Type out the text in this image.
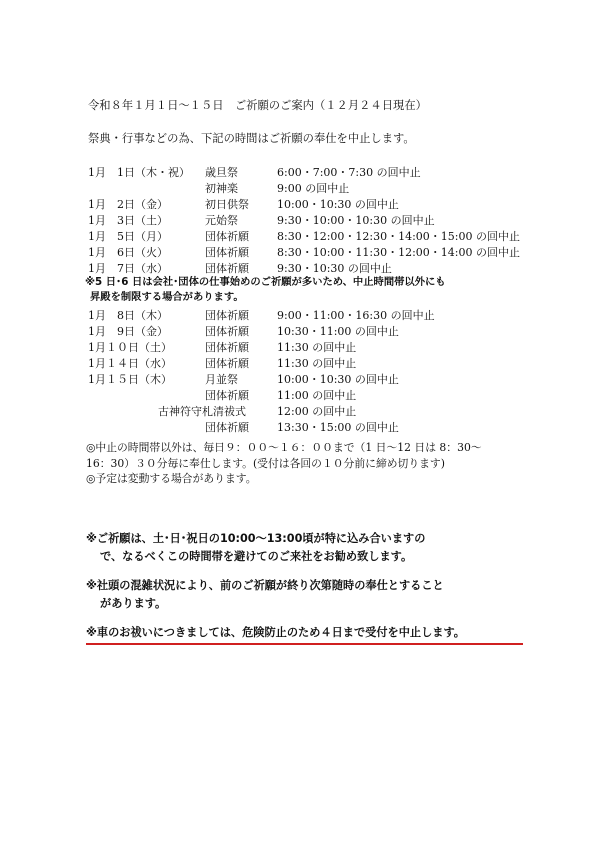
令和８年１月１日～１５日　ご祈願のご案内（１２月２４日現在）
祭典・行事などの為、下記の時間はご祈願の奉仕を中止します。
1月　1日（木・祝） 歳旦祭	6:00・7:00・7:30 の回中止
初神楽	9:00 の回中止
1月　2日（金）	初日供祭	10:00・10:30 の回中止
1月　3日（土）	元始祭	9:30・10:00・10:30 の回中止
1月　5日（月）	団体祈願	8:30・12:00・12:30・14:00・15:00 の回中止
1月　6日（火）	団体祈願	8:30・10:00・11:30・12:00・14:00 の回中止
1月　7日（水）	団体祈願	9:30・10:30 の回中止
※5 日･6 日は会社･団体の仕事始めのご祈願が多いため、中止時間帯以外にも
昇殿を制限する場合があります。
1月　8日（木）	団体祈願	9:00・11:00・16:30 の回中止
1月　9日（金）	団体祈願	10:30・11:00 の回中止
1月１０日（土）	団体祈願	11:30 の回中止
1月１４日（水）	団体祈願	11:30 の回中止
1月１５日（木）	月並祭	10:00・10:30 の回中止
団体祈願	11:00 の回中止
古神符守札清祓式	12:00 の回中止
団体祈願	13:30・15:00 の回中止
◎中止の時間帯以外は、毎日９：００～１６：００まで（1 日～12 日は 8：30～
16：30）３０分毎に奉仕します。(受付は各回の１０分前に締め切ります)
◎予定は変動する場合があります。
※ご祈願は、土･日･祝日の10:00～13:00頃が特に込み合いますの
で、なるべくこの時間帯を避けてのご来社をお勧め致します。
※社頭の混雑状況により、前のご祈願が終り次第随時の奉仕とすること
があります。
※車のお祓いにつきましては、危険防止のため４日まで受付を中止します。
